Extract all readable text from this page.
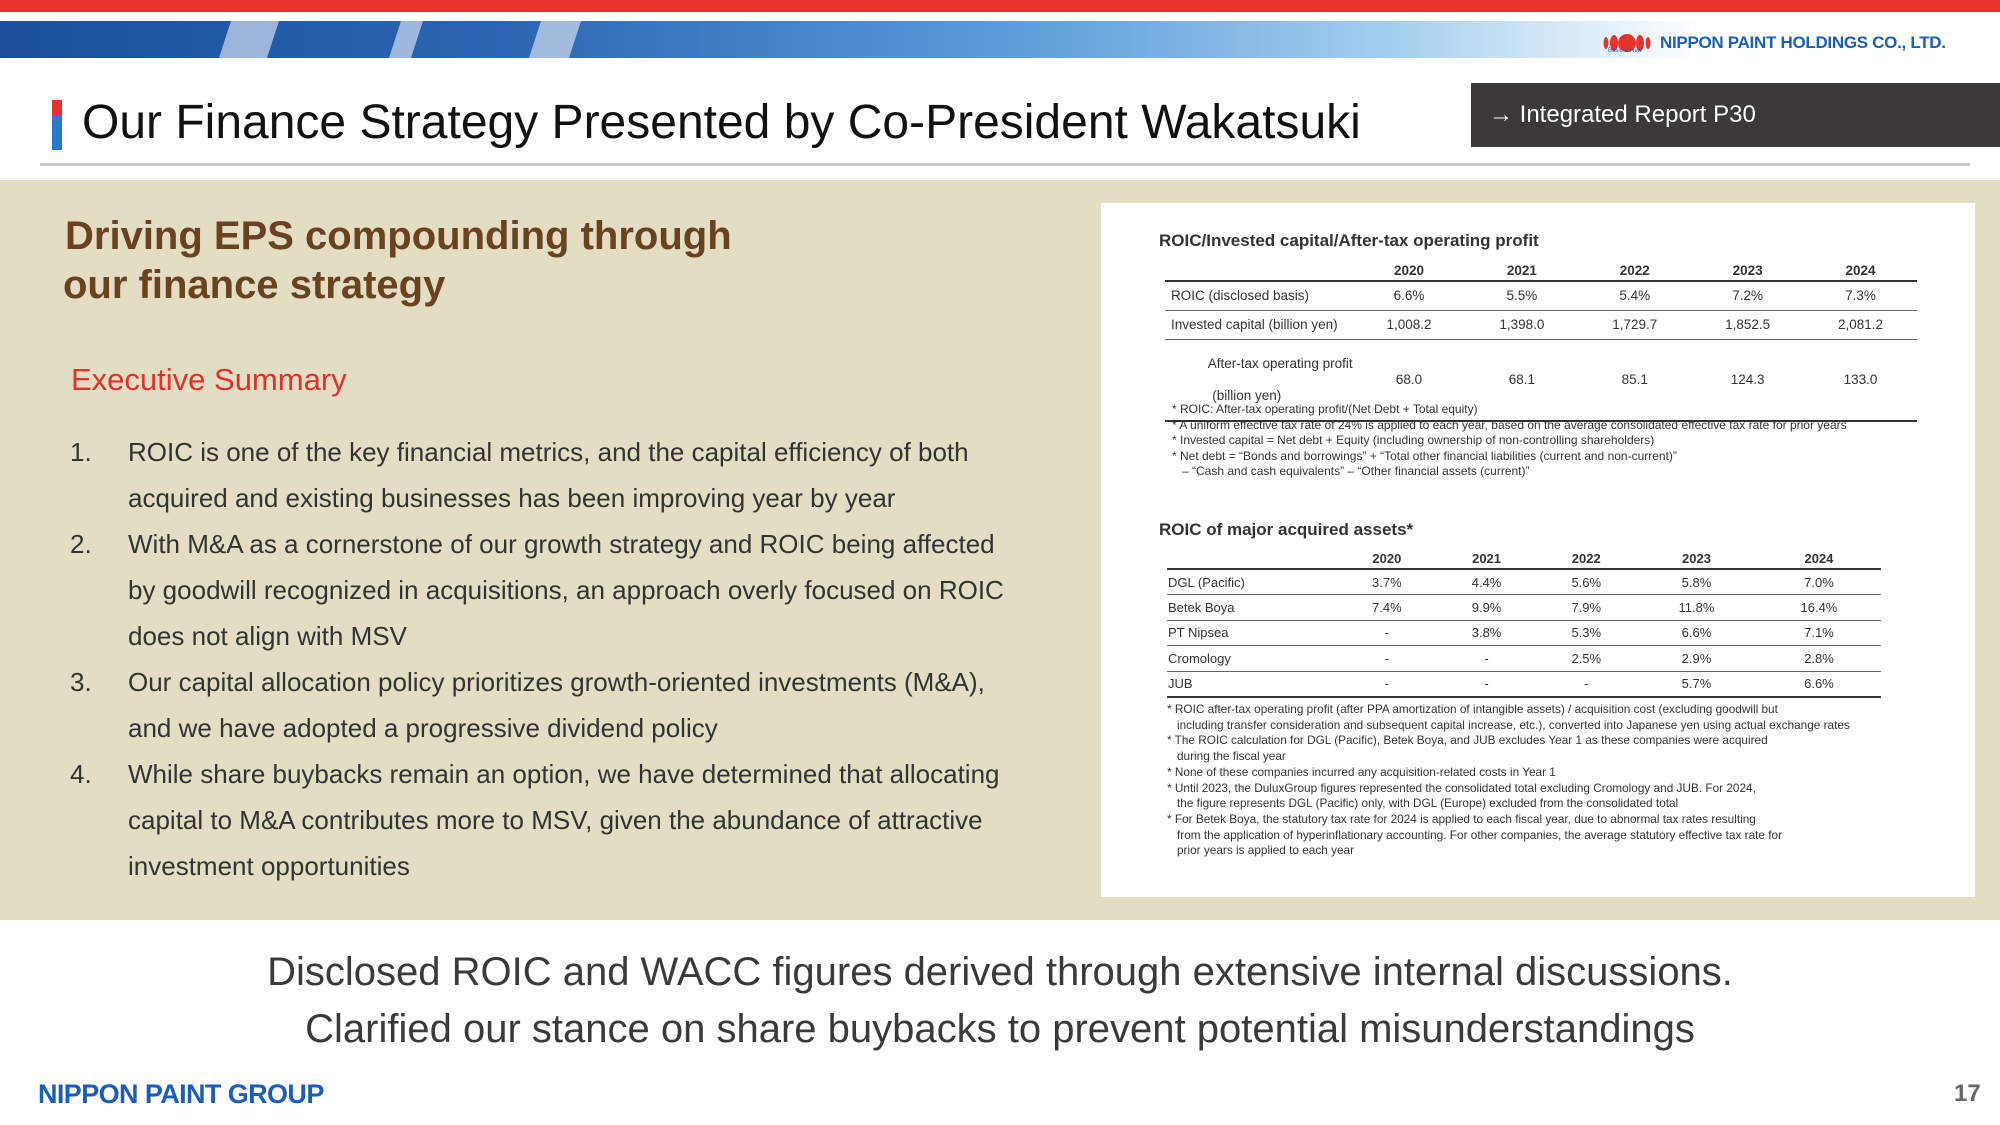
NIPPON PAINT HOLDINGS CO., LTD.
Basic & New
Our Finance Strategy Presented by Co-President Wakatsuki	→ Integrated Report P30
Driving EPS compounding through
our finance strategy
Executive Summary
1.	ROIC is one of the key financial metrics, and the capital efficiency of both acquired and existing businesses has been improving year by year
2.	With M&A as a cornerstone of our growth strategy and ROIC being affected by goodwill recognized in acquisitions, an approach overly focused on ROIC does not align with MSV
3.	Our capital allocation policy prioritizes growth-oriented investments (M&A), and we have adopted a progressive dividend policy
4.	While share buybacks remain an option, we have determined that allocating capital to M&A contributes more to MSV, given the abundance of attractive investment opportunities
ROIC/Invested capital/After-tax operating profit
	2020	2021	2022	2023	2024
ROIC (disclosed basis)	6.6%	5.5%	5.4%	7.2%	7.3%
Invested capital (billion yen)	1,008.2	1,398.0	1,729.7	1,852.5	2,081.2

After-tax operating profit

(billion yen)	68.0	68.1	85.1	124.3	133.0

* ROIC: After-tax operating profit/(Net Debt + Total equity)

* A uniform effective tax rate of 24% is applied to each year, based on the average consolidated effective tax rate for prior years

* Invested capital = Net debt + Equity (including ownership of non-controlling shareholders)

* Net debt = “Bonds and borrowings” + “Total other financial liabilities (current and non-current)”

– “Cash and cash equivalents” – “Other financial assets (current)”

ROIC of major acquired assets*
	2020	2021	2022	2023	2024
DGL (Pacific)	3.7%	4.4%	5.6%	5.8%	7.0%
Betek Boya	7.4%	9.9%	7.9%	11.8%	16.4%
PT Nipsea	-	3.8%	5.3%	6.6%	7.1%
Cromology	-	-	2.5%	2.9%	2.8%
JUB	-	-	-	5.7%	6.6%

* ROIC after-tax operating profit (after PPA amortization of intangible assets) / acquisition cost (excluding goodwill but

including transfer consideration and subsequent capital increase, etc.), converted into Japanese yen using actual exchange rates

* The ROIC calculation for DGL (Pacific), Betek Boya, and JUB excludes Year 1 as these companies were acquired

during the fiscal year

* None of these companies incurred any acquisition-related costs in Year 1

* Until 2023, the DuluxGroup figures represented the consolidated total excluding Cromology and JUB. For 2024,

the figure represents DGL (Pacific) only, with DGL (Europe) excluded from the consolidated total

* For Betek Boya, the statutory tax rate for 2024 is applied to each fiscal year, due to abnormal tax rates resulting

from the application of hyperinflationary accounting. For other companies, the average statutory effective tax rate for

prior years is applied to each year

Disclosed ROIC and WACC figures derived through extensive internal discussions.
Clarified our stance on share buybacks to prevent potential misunderstandings
NIPPON PAINT GROUP	17
